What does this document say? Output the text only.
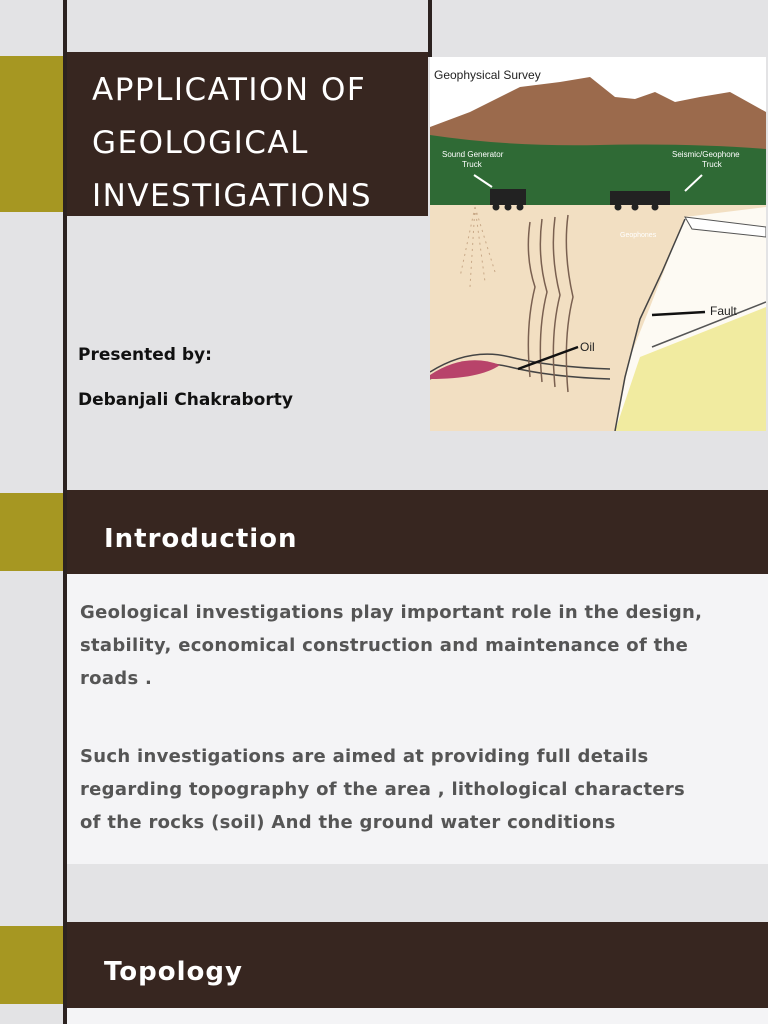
APPLICATION OF
GEOLOGICAL
INVESTIGATIONS
Presented by:
Debanjali Chakraborty
Geophysical Survey
Sound Generator
Truck
Seismic/Geophone
Truck
Geophones
Fault
Oil
Introduction
Geological investigations play important role in the design,
stability, economical construction and maintenance of the
roads .
Such investigations are aimed at providing full details
regarding topography of the area , lithological characters
of the rocks (soil) And the ground water conditions
Topology
